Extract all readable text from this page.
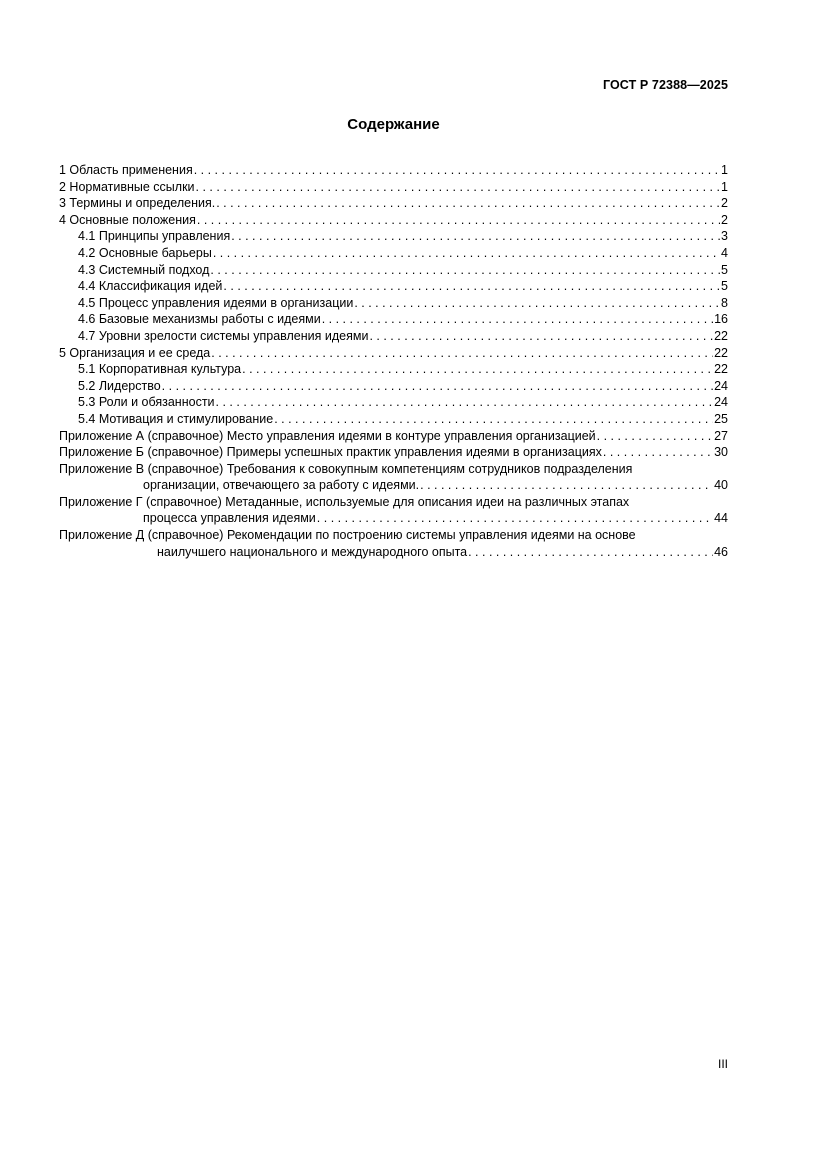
ГОСТ Р 72388—2025
Содержание
1 Область применения . . .	1
2 Нормативные ссылки . . .	1
3 Термины и определения. . . .	2
4 Основные положения . . .	2
4.1 Принципы управления . . .	3
4.2 Основные барьеры . . .	4
4.3 Системный подход . . .	5
4.4 Классификация идей . . .	5
4.5 Процесс управления идеями в организации . . .	8
4.6 Базовые механизмы работы с идеями . . .	16
4.7 Уровни зрелости системы управления идеями . . .	22
5 Организация и ее среда . . .	22
5.1 Корпоративная культура . . .	22
5.2 Лидерство . . .	24
5.3 Роли и обязанности . . .	24
5.4 Мотивация и стимулирование . . .	25
Приложение А (справочное) Место управления идеями в контуре управления организацией . . .	27
Приложение Б (справочное) Примеры успешных практик управления идеями в организациях . . .	30
Приложение В (справочное) Требования к совокупным компетенциям сотрудников подразделения
организации, отвечающего за работу с идеями. . . .	40
Приложение Г (справочное) Метаданные, используемые для описания идеи на различных этапах
процесса управления идеями . . .	44
Приложение Д (справочное) Рекомендации по построению системы управления идеями на основе
наилучшего национального и международного опыта . . .	46
III
